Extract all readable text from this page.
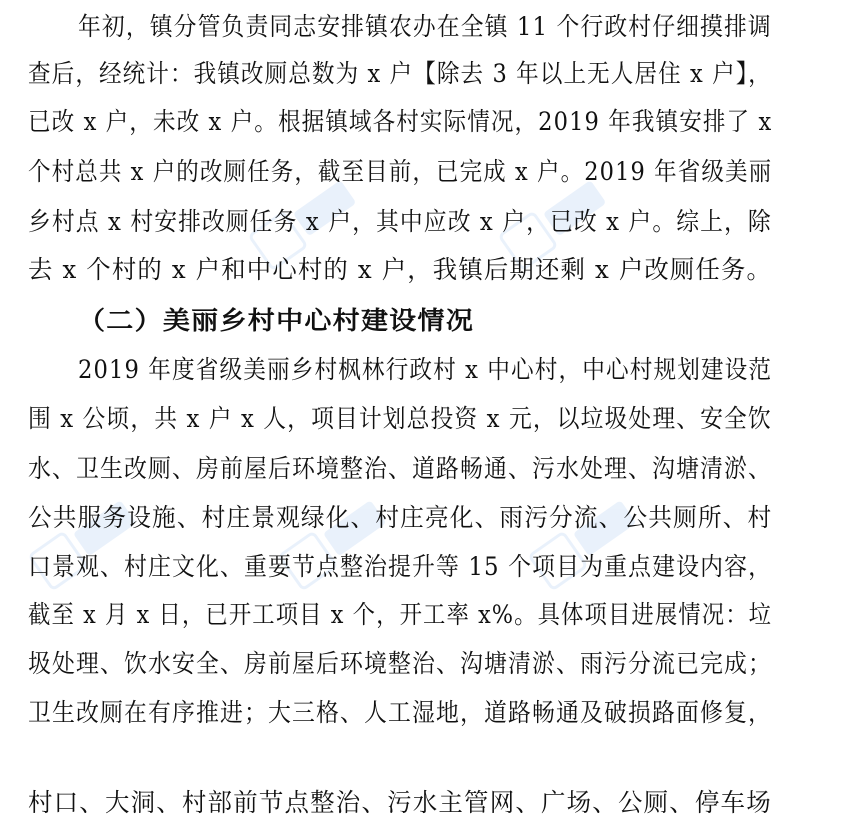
年初，镇分管负责同志安排镇农办在全镇 11 个行政村仔细摸排调
查后，经统计：我镇改厕总数为 x 户【除去 3 年以上无人居住 x 户】，
已改 x 户，未改 x 户。根据镇域各村实际情况，2019 年我镇安排了 x
个村总共 x 户的改厕任务，截至目前，已完成 x 户。2019 年省级美丽
乡村点 x 村安排改厕任务 x 户，其中应改 x 户，已改 x 户。综上，除
去 x 个村的 x 户和中心村的 x 户，我镇后期还剩 x 户改厕任务。
（二）美丽乡村中心村建设情况
2019 年度省级美丽乡村枫林行政村 x 中心村，中心村规划建设范
围 x 公顷，共 x 户 x 人，项目计划总投资 x 元，以垃圾处理、安全饮
水、卫生改厕、房前屋后环境整治、道路畅通、污水处理、沟塘清淤、
公共服务设施、村庄景观绿化、村庄亮化、雨污分流、公共厕所、村
口景观、村庄文化、重要节点整治提升等 15 个项目为重点建设内容，
截至 x 月 x 日，已开工项目 x 个，开工率 x%。具体项目进展情况：垃
圾处理、饮水安全、房前屋后环境整治、沟塘清淤、雨污分流已完成；
卫生改厕在有序推进；大三格、人工湿地，道路畅通及破损路面修复，
村口、大洞、村部前节点整治、污水主管网、广场、公厕、停车场
